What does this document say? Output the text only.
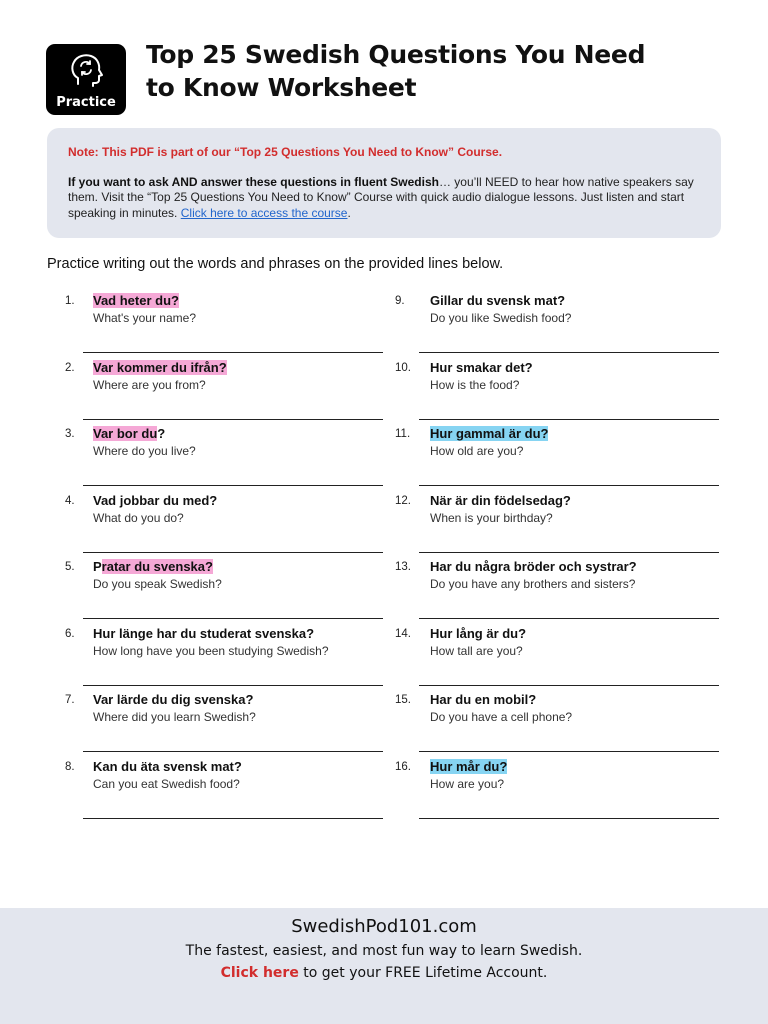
Practice
Top 25 Swedish Questions You Need
to Know Worksheet
Note: This PDF is part of our “Top 25 Questions You Need to Know” Course.
If you want to ask AND answer these questions in fluent Swedish… you’ll NEED to hear how native speakers say them. Visit the “Top 25 Questions You Need to Know” Course with quick audio dialogue lessons. Just listen and start speaking in minutes. Click here to access the course.
Practice writing out the words and phrases on the provided lines below.
1. Vad heter du?
What's your name?
2. Var kommer du ifrån?
Where are you from?
3. Var bor du?
Where do you live?
4. Vad jobbar du med?
What do you do?
5. Pratar du svenska?
Do you speak Swedish?
6. Hur länge har du studerat svenska?
How long have you been studying Swedish?
7. Var lärde du dig svenska?
Where did you learn Swedish?
8. Kan du äta svensk mat?
Can you eat Swedish food?
9. Gillar du svensk mat?
Do you like Swedish food?
10. Hur smakar det?
How is the food?
11. Hur gammal är du?
How old are you?
12. När är din födelsedag?
When is your birthday?
13. Har du några bröder och systrar?
Do you have any brothers and sisters?
14. Hur lång är du?
How tall are you?
15. Har du en mobil?
Do you have a cell phone?
16. Hur mår du?
How are you?
SwedishPod101.com
The fastest, easiest, and most fun way to learn Swedish.
Click here to get your FREE Lifetime Account.
